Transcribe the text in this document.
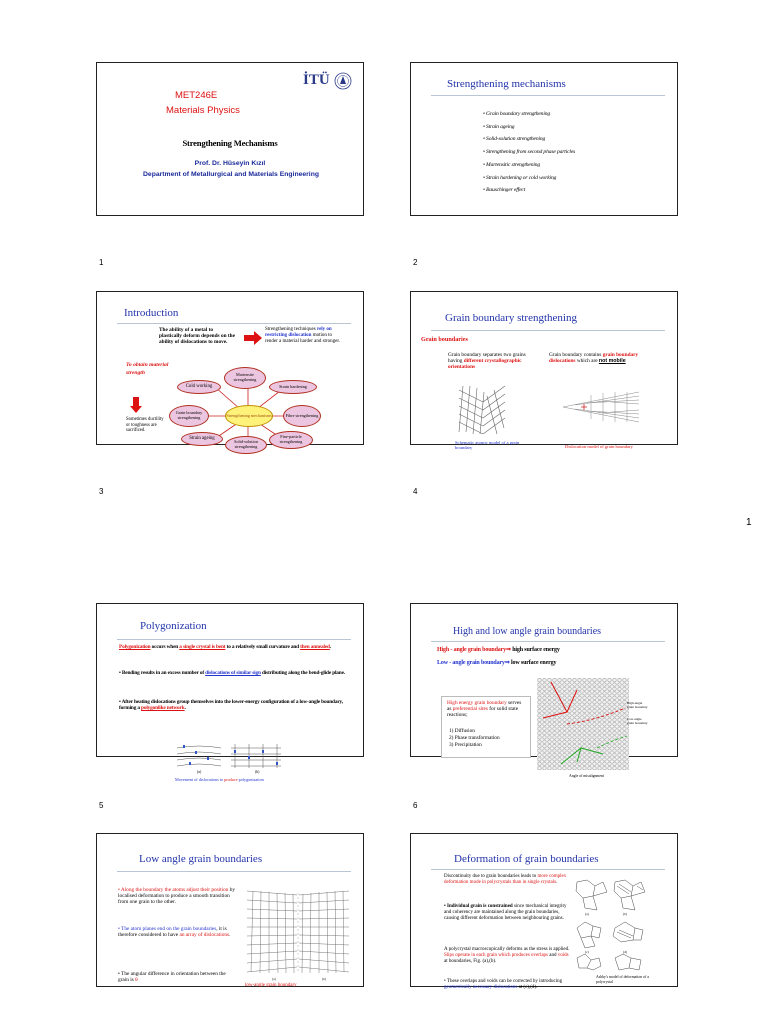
MET246E
Materials Physics
İTÜ
Strengthening Mechanisms
Prof. Dr. Hüseyin Kızıl
Department of Metallurgical and Materials Engineering
1
Strengthening mechanisms
• Grain boundary strengthening
• Strain ageing
• Solid-solution strengthening
• Strengthening from second phase particles
• Martensitic strengthening
• Strain hardening or cold working
• Bauschinger effect
2
Introduction
The ability of a metal to plastically deform depends on the ability of dislocations to move.
Strengthening techniques rely on restricting dislocation motion to render a material harder and stronger.
To obtain material strength
Sometimes ductility or toughness are sacrificed.
Martensite strengthening
Cold working	Strain hardening
Grain boundary strengthening	Strengthening mechanisms	Fibre strengthening
Strain ageing	Fine-particle strengthening
Solid-solution strengthening
3
Grain boundary strengthening
Grain boundaries
Grain boundary separates two grains having different crystallographic orientations
Grain boundary contains grain boundary dislocations which are not mobile
Schematic atomic model of a grain boundary	Dislocation model of grain boundary
4
1
Polygonization
Polygonization occurs when a single crystal is bent to a relatively small curvature and then annealed.
• Bending results in an excess number of dislocations of similar sign distributing along the bend-glide plane.
• After heating dislocations group themselves into the lower-energy configuration of a low-angle boundary, forming a polygonlike network.
(a)	(b)
Movement of dislocations to produce polygonization
5
High and low angle grain boundaries
High - angle grain boundary⇒ high surface energy
Low - angle grain boundary⇒ low surface energy
High energy grain boundary serves as preferential sites for solid state reactions;
1) Diffusion
2) Phase transformation
3) Precipitation
High-angle grain boundary
Low-angle grain boundary
Angle of misalignment
6
Low angle grain boundaries
• Along the boundary the atoms adjust their position by localised deformation to produce a smooth transition from one grain to the other.
• The atom planes end on the grain boundaries, it is therefore considered to have an array of dislocations.
• The angular difference in orientation between the grain is θ	(a)	(b)
low-angle grain boundary
Deformation of grain boundaries
Discontinuity due to grain boundaries leads to more complex deformation mode in polycrystals than in single crystals.
• Individual grain is constrained since mechanical integrity and coherency are maintained along the grain boundaries, causing different deformation between neighbouring grains.
A polycrystal macroscopically deforms as the stress is applied. Slips operate in each grain which produces overlaps and voids at boundaries, Fig. (a),(b).
• These overlaps and voids can be corrected by introducing geometrically necessary dislocations at (c),(d).
(a)	(b)
(c)	(d)
Ashby's model of deformation of a polycrystal
